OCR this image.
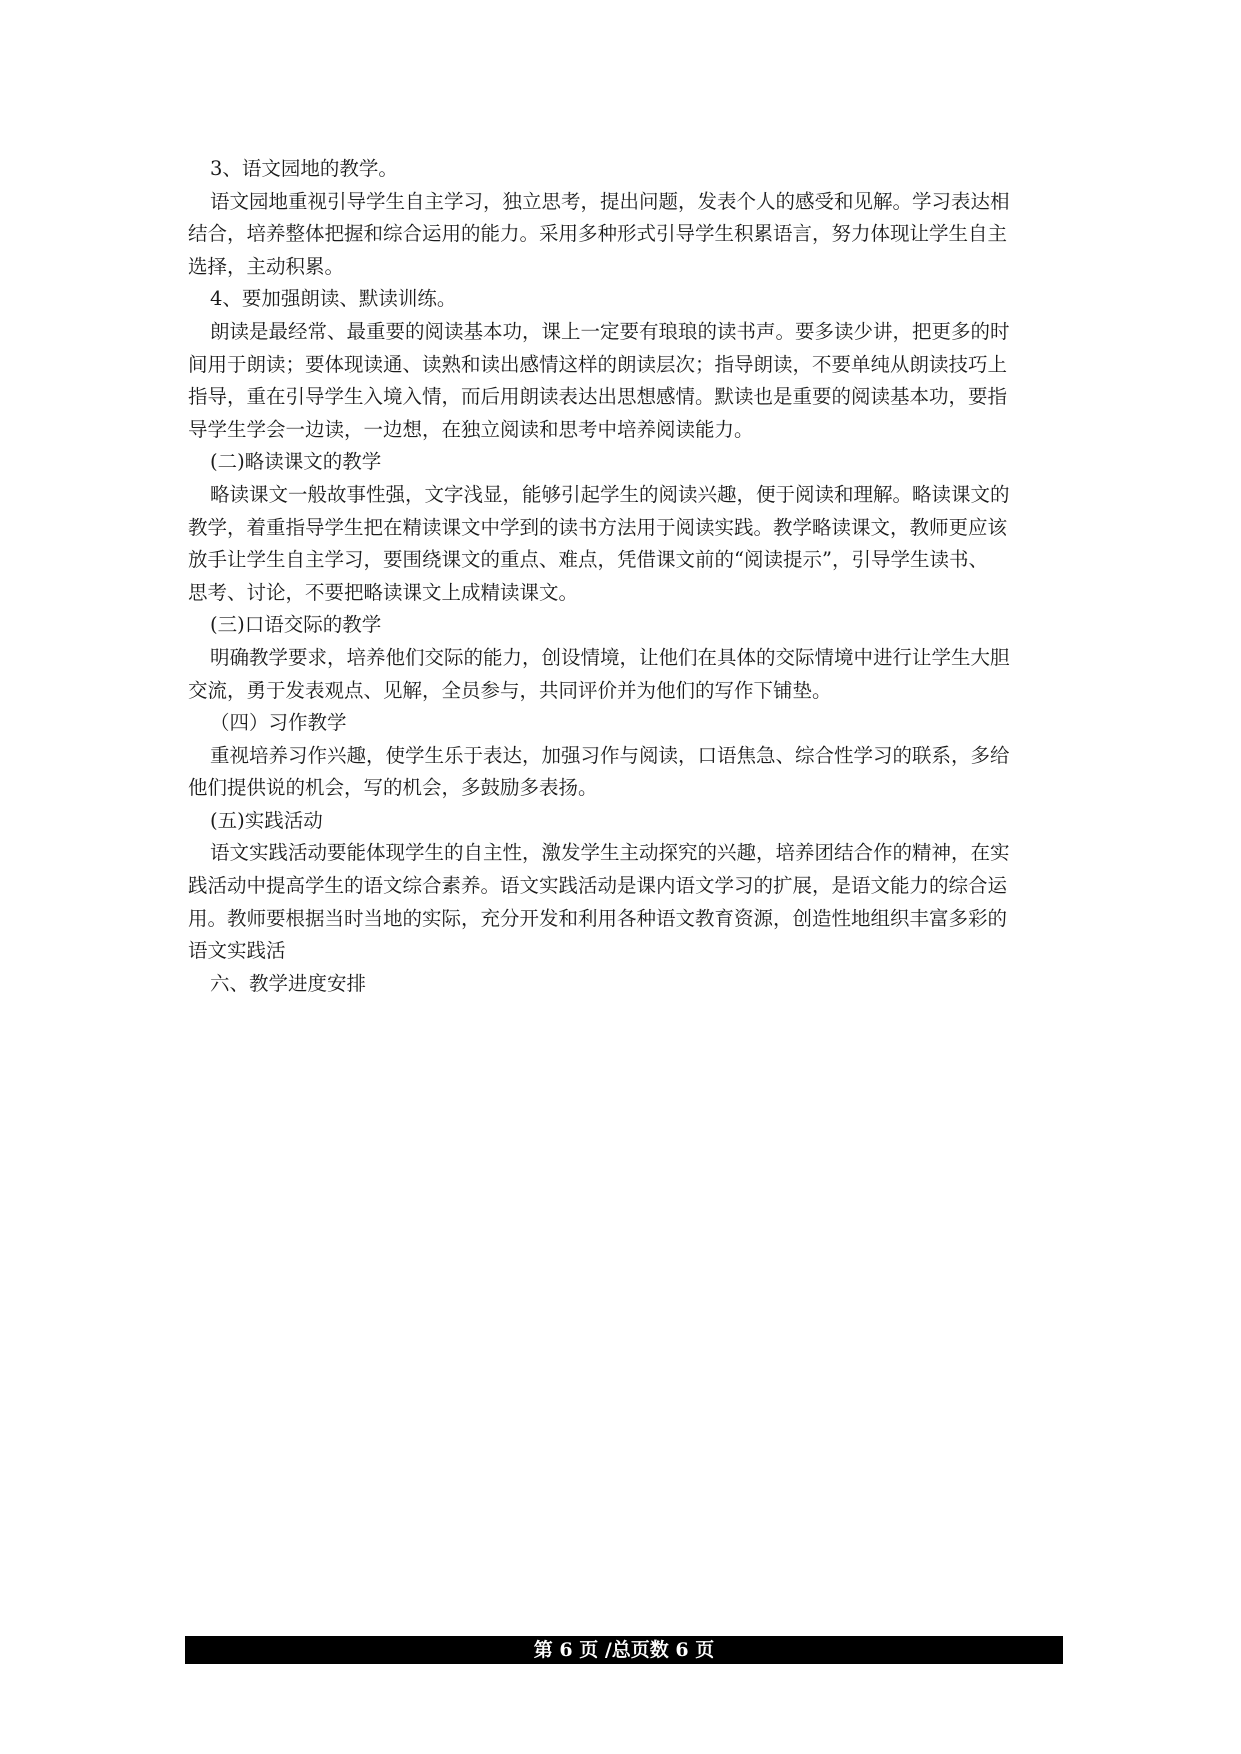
3、语文园地的教学。
语文园地重视引导学生自主学习，独立思考，提出问题，发表个人的感受和见解。学习表达相
结合，培养整体把握和综合运用的能力。采用多种形式引导学生积累语言，努力体现让学生自主
选择，主动积累。
4、要加强朗读、默读训练。
朗读是最经常、最重要的阅读基本功，课上一定要有琅琅的读书声。要多读少讲，把更多的时
间用于朗读；要体现读通、读熟和读出感情这样的朗读层次；指导朗读，不要单纯从朗读技巧上
指导，重在引导学生入境入情，而后用朗读表达出思想感情。默读也是重要的阅读基本功，要指
导学生学会一边读，一边想，在独立阅读和思考中培养阅读能力。
(二)略读课文的教学
略读课文一般故事性强，文字浅显，能够引起学生的阅读兴趣，便于阅读和理解。略读课文的
教学，着重指导学生把在精读课文中学到的读书方法用于阅读实践。教学略读课文，教师更应该
放手让学生自主学习，要围绕课文的重点、难点，凭借课文前的“阅读提示”，引导学生读书、
思考、讨论，不要把略读课文上成精读课文。
(三)口语交际的教学
明确教学要求，培养他们交际的能力，创设情境，让他们在具体的交际情境中进行让学生大胆
交流，勇于发表观点、见解，全员参与，共同评价并为他们的写作下铺垫。
（四）习作教学
重视培养习作兴趣，使学生乐于表达，加强习作与阅读，口语焦急、综合性学习的联系，多给
他们提供说的机会，写的机会，多鼓励多表扬。
(五)实践活动
语文实践活动要能体现学生的自主性，激发学生主动探究的兴趣，培养团结合作的精神，在实
践活动中提高学生的语文综合素养。语文实践活动是课内语文学习的扩展，是语文能力的综合运
用。教师要根据当时当地的实际，充分开发和利用各种语文教育资源，创造性地组织丰富多彩的
语文实践活
六、教学进度安排
第 6 页 /总页数 6 页
